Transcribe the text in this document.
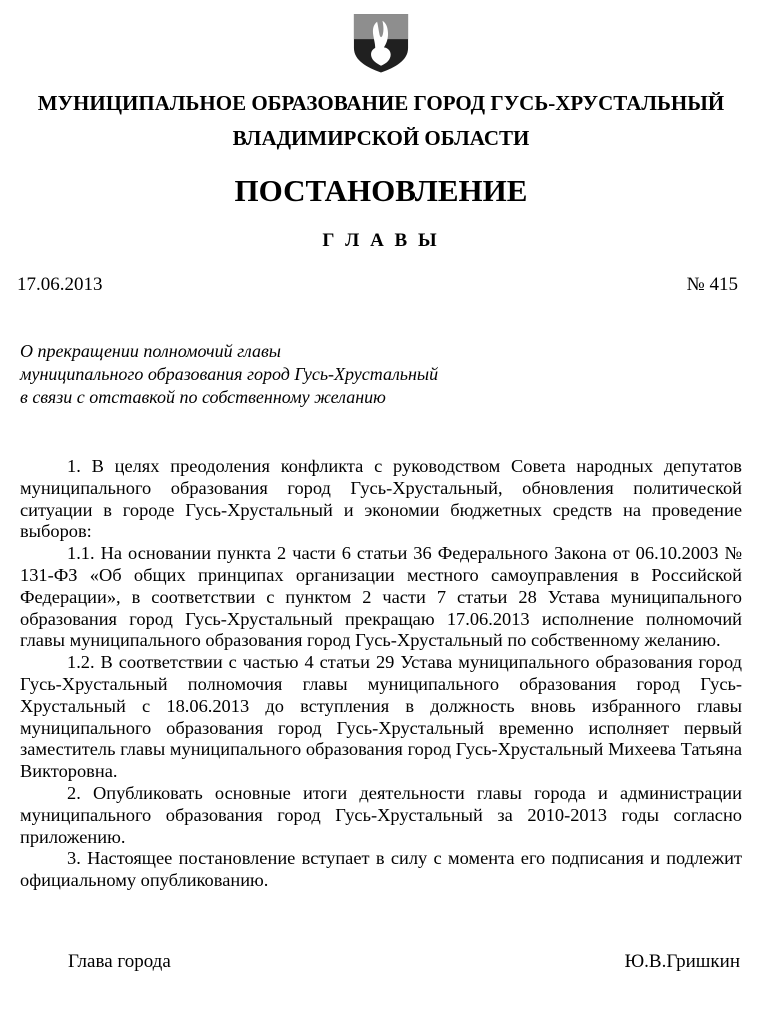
МУНИЦИПАЛЬНОЕ ОБРАЗОВАНИЕ ГОРОД ГУСЬ-ХРУСТАЛЬНЫЙ
ВЛАДИМИРСКОЙ ОБЛАСТИ
ПОСТАНОВЛЕНИЕ
Г Л А В Ы
17.06.2013	№ 415
О прекращении полномочий главы
муниципального образования город Гусь-Хрустальный
в связи с отставкой по собственному желанию

1. В целях преодоления конфликта с руководством Совета народных депутатов муниципального образования город Гусь-Хрустальный, обновления политической ситуации в городе Гусь-Хрустальный и экономии бюджетных средств на проведение выборов:

1.1. На основании пункта 2 части 6 статьи 36 Федерального Закона от 06.10.2003 № 131-ФЗ «Об общих принципах организации местного самоуправления в Российской Федерации», в соответствии с пунктом 2 части 7 статьи 28 Устава муниципального образования город Гусь-Хрустальный прекращаю 17.06.2013 исполнение полномочий главы муниципального образования город Гусь-Хрустальный по собственному желанию.

1.2. В соответствии с частью 4 статьи 29 Устава муниципального образования город Гусь-Хрустальный полномочия главы муниципального образования город Гусь-Хрустальный с 18.06.2013 до вступления в должность вновь избранного главы муниципального образования город Гусь-Хрустальный временно исполняет первый заместитель главы муниципального образования город Гусь-Хрустальный Михеева Татьяна Викторовна.

2. Опубликовать основные итоги деятельности главы города и администрации муниципального образования город Гусь-Хрустальный за 2010-2013 годы согласно приложению.

3. Настоящее постановление вступает в силу с момента его подписания и подлежит официальному опубликованию.

Глава города	Ю.В.Гришкин
